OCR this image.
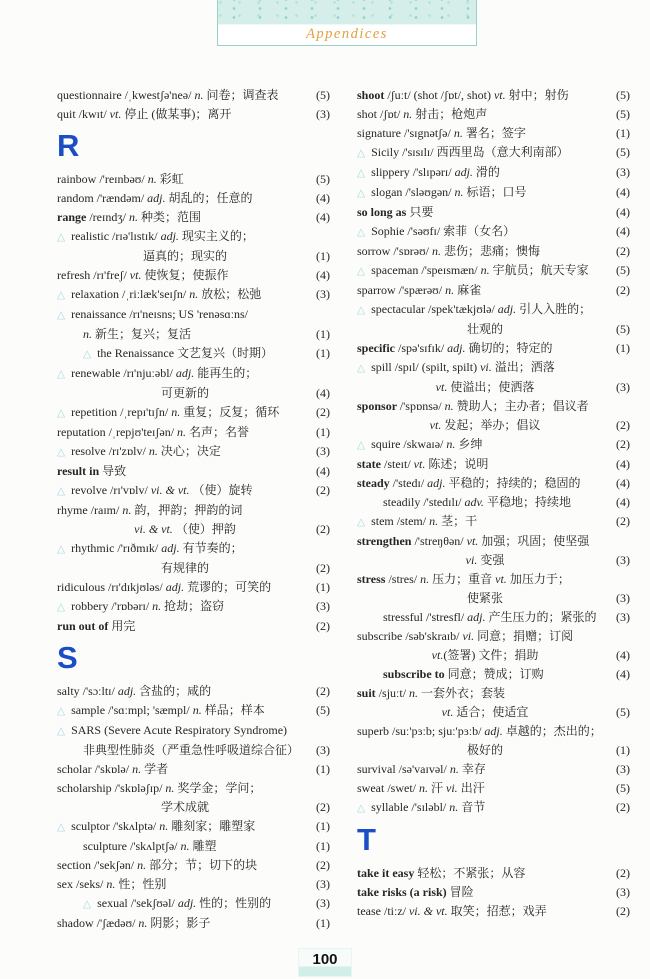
Appendices
questionnaire /ˌkwestʃə'neə/ n. 问卷；调查表	(5)
quit /kwɪt/ vt. 停止 (做某事)；离开	(3)
R
rainbow /'reɪnbəʊ/ n. 彩虹	(5)
random /'rændəm/ adj. 胡乱的；任意的	(4)
range /reɪndʒ/ n. 种类；范围	(4)
△ realistic /rɪə'lɪstɪk/ adj. 现实主义的；
逼真的；现实的	(1)
refresh /rɪ'freʃ/ vt. 使恢复；使振作	(4)
△ relaxation /ˌriːlæk'seɪʃn/ n. 放松；松弛	(3)
△ renaissance /rɪ'neɪsns; US 'renəsɑːns/
n. 新生；复兴；复活	(1)
△ the Renaissance 文艺复兴（时期）	(1)
△ renewable /rɪ'njuːəbl/ adj. 能再生的；
可更新的	(4)
△ repetition /ˌrepɪ'tɪʃn/ n. 重复；反复；循环	(2)
reputation /ˌrepjʊ'teɪʃən/ n. 名声；名誉	(1)
△ resolve /rɪ'zɒlv/ n. 决心；决定	(3)
result in 导致	(4)
△ revolve /rɪ'vɒlv/ vi. & vt. （使）旋转	(2)
rhyme /raɪm/ n. 韵，押韵；押韵的词
vi. & vt. （使）押韵	(2)
△ rhythmic /'rɪðmɪk/ adj. 有节奏的；
有规律的	(2)
ridiculous /rɪ'dɪkjʊləs/ adj. 荒谬的；可笑的	(1)
△ robbery /'rɒbərɪ/ n. 抢劫；盗窃	(3)
run out of 用完	(2)
S
salty /'sɔːltɪ/ adj. 含盐的；咸的	(2)
△ sample /'sɑːmpl; 'sæmpl/ n. 样品；样本	(5)
△ SARS (Severe Acute Respiratory Syndrome)
非典型性肺炎（严重急性呼吸道综合征） (3)
scholar /'skɒlə/ n. 学者	(1)
scholarship /'skɒləʃɪp/ n. 奖学金；学问；
学术成就	(2)
△ sculptor /'skʌlptə/ n. 雕刻家；雕塑家	(1)
sculpture /'skʌlptʃə/ n. 雕塑	(1)
section /'sekʃən/ n. 部分；节；切下的块	(2)
sex /seks/ n. 性；性别	(3)
△ sexual /'sekʃʊəl/ adj. 性的；性别的	(3)
shadow /'ʃædəʊ/ n. 阴影；影子	(1)
shoot /ʃuːt/ (shot /ʃɒt/, shot) vt. 射中；射伤	(5)
shot /ʃɒt/ n. 射击；枪炮声	(5)
signature /'sɪgnətʃə/ n. 署名；签字	(1)
△ Sicily /'sɪsɪlɪ/ 西西里岛（意大利南部）	(5)
△ slippery /'slɪpərɪ/ adj. 滑的	(3)
△ slogan /'sləʊgən/ n. 标语；口号	(4)
so long as 只要	(4)
△ Sophie /'səʊfɪ/ 索菲（女名）	(4)
sorrow /'sɒrəʊ/ n. 悲伤；悲痛；懊悔	(2)
△ spaceman /'speɪsmæn/ n. 宇航员；航天专家 (5)
sparrow /'spærəʊ/ n. 麻雀	(2)
△ spectacular /spek'tækjʊlə/ adj. 引人入胜的；
壮观的	(5)
specific /spə'sɪfɪk/ adj. 确切的；特定的	(1)
△ spill /spɪl/ (spilt, spilt) vi. 溢出；洒落
vt. 使溢出；使洒落	(3)
sponsor /'spɒnsə/ n. 赞助人；主办者；倡议者
vt. 发起；举办；倡议	(2)
△ squire /skwaɪə/ n. 乡绅	(2)
state /steɪt/ vt. 陈述；说明	(4)
steady /'stedɪ/ adj. 平稳的；持续的；稳固的	(4)
steadily /'stedɪlɪ/ adv. 平稳地；持续地	(4)
△ stem /stem/ n. 茎；干	(2)
strengthen /'streŋθən/ vt. 加强；巩固；使坚强
vi. 变强	(3)
stress /stres/ n. 压力；重音 vt. 加压力于；
使紧张	(3)
stressful /'stresfl/ adj. 产生压力的；紧张的 (3)
subscribe /səb'skraɪb/ vi. 同意；捐赠；订阅
vt.(签署) 文件；捐助	(4)
subscribe to 同意；赞成；订购	(4)
suit /sjuːt/ n. 一套外衣；套装
vt. 适合；使适宜	(5)
superb /suː'pɜːb; sjuː'pɜːb/ adj. 卓越的；杰出的；
极好的	(1)
survival /sə'vaɪvəl/ n. 幸存	(3)
sweat /swet/ n. 汗 vi. 出汗	(5)
△ syllable /'sɪləbl/ n. 音节	(2)
T
take it easy 轻松；不紧张；从容	(2)
take risks (a risk) 冒险	(3)
tease /tiːz/ vi. & vt. 取笑；招惹；戏弄	(2)
100
